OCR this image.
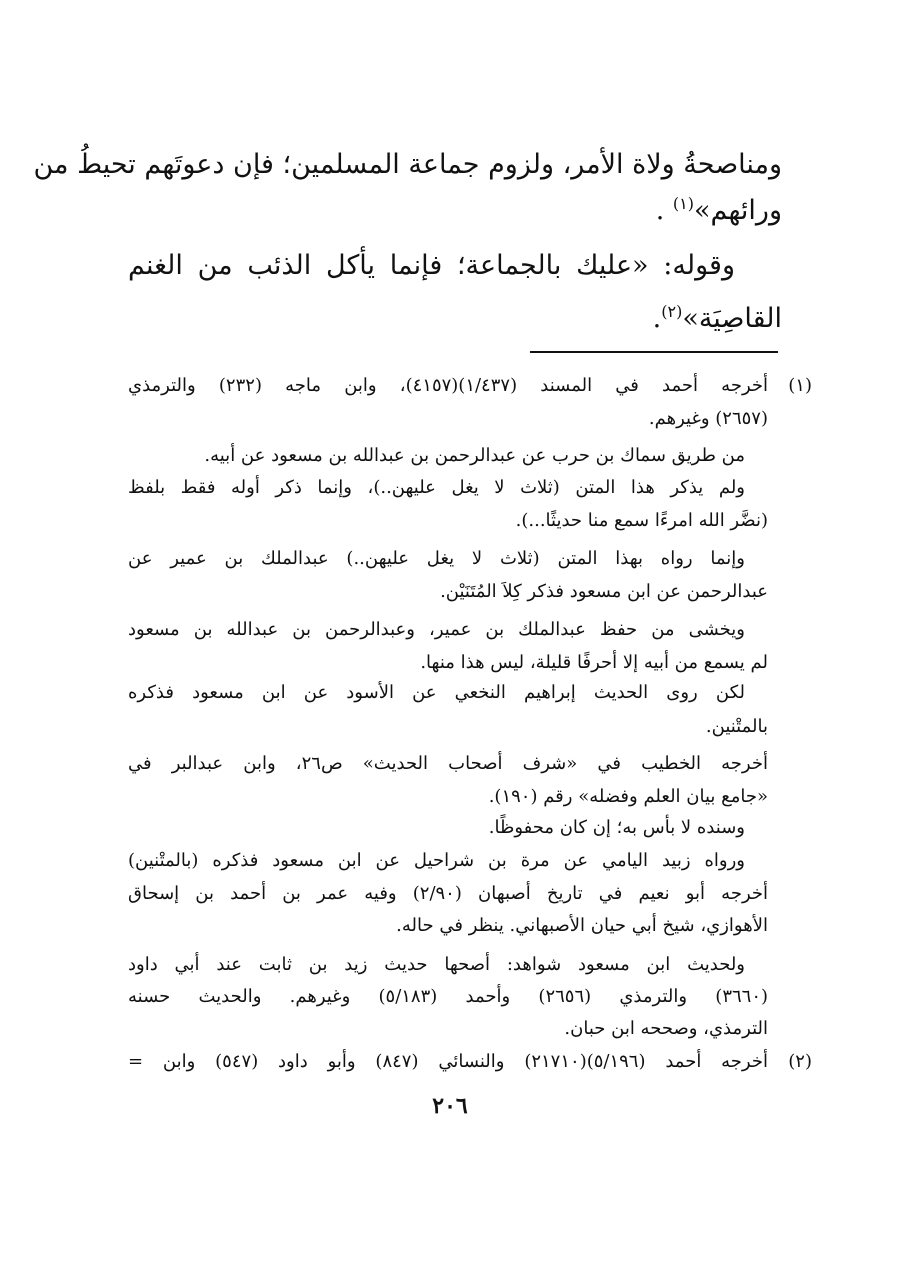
ومناصحةُ ولاة الأمر، ولزوم جماعة المسلمين؛ فإن دعوتَهم تحيطُ من

ورائهم»$^{(١)}$ .

وقوله: «عليك بالجماعة؛ فإنما يأكل الذئب من الغنم

القاصِيَة»$^{(٢)}$.

(١)

أخرجه أحمد في المسند (١/٤٣٧)(٤١٥٧)، وابن ماجه (٢٣٢) والترمذي

(٢٦٥٧) وغيرهم.

من طريق سماك بن حرب عن عبدالرحمن بن عبدالله بن مسعود عن أبيه.

ولم يذكر هذا المتن (ثلاث لا يغل عليهن..)، وإنما ذكر أوله فقط بلفظ

(نضَّر الله امرءًا سمع منا حديثًا...).

وإنما رواه بهذا المتن (ثلاث لا يغل عليهن..) عبدالملك بن عمير عن

عبدالرحمن عن ابن مسعود فذكر كِلاَ المُتَنَيْن.

ويخشى من حفظ عبدالملك بن عمير، وعبدالرحمن بن عبدالله بن مسعود

لم يسمع من أبيه إلا أحرفًا قليلة، ليس هذا منها.

لكن روى الحديث إبراهيم النخعي عن الأسود عن ابن مسعود فذكره

بالمتْنين.

أخرجه الخطيب في «شرف أصحاب الحديث» ص٢٦، وابن عبدالبر في

«جامع بيان العلم وفضله» رقم (١٩٠).

وسنده لا بأس به؛ إن كان محفوظًا.

ورواه زبيد اليامي عن مرة بن شراحيل عن ابن مسعود فذكره (بالمتْنين)

أخرجه أبو نعيم في تاريخ أصبهان (٢/٩٠) وفيه عمر بن أحمد بن إسحاق

الأهوازي، شيخ أبي حيان الأصبهاني. ينظر في حاله.

ولحديث ابن مسعود شواهد: أصحها حديث زيد بن ثابت عند أبي داود

(٣٦٦٠) والترمذي (٢٦٥٦) وأحمد (٥/١٨٣) وغيرهم. والحديث حسنه

الترمذي، وصححه ابن حبان.

(٢)

أخرجه أحمد (٥/١٩٦)(٢١٧١٠) والنسائي (٨٤٧) وأبو داود (٥٤٧) وابن =

٢٠٦
